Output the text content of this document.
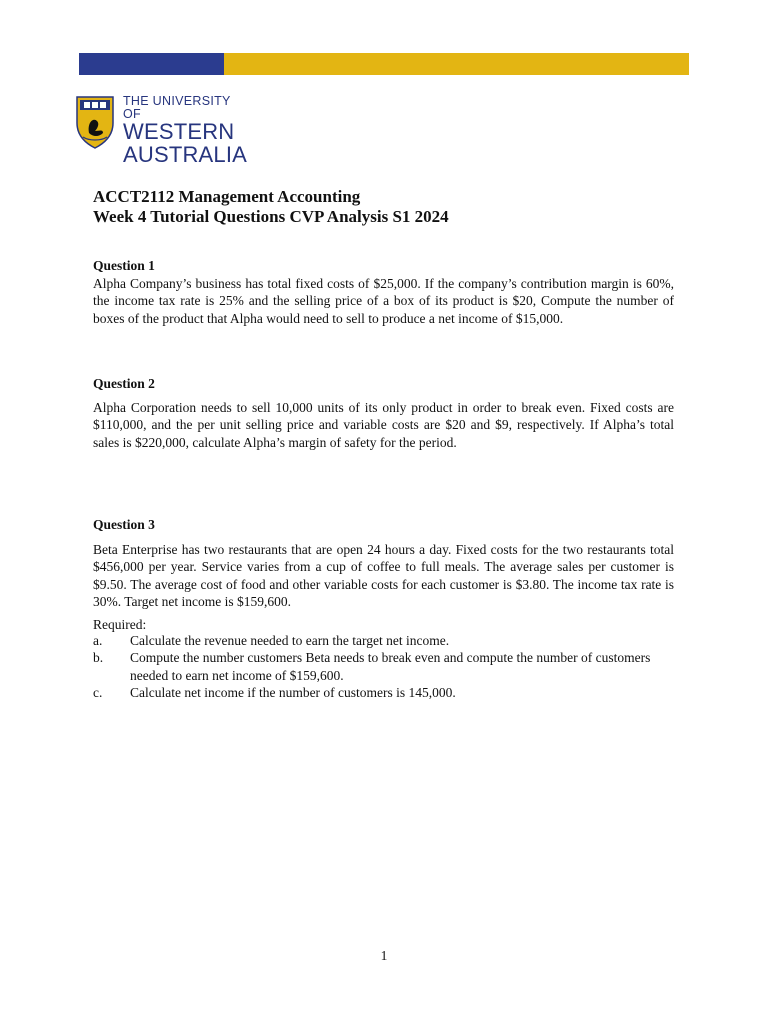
THE UNIVERSITY OF
WESTERN
AUSTRALIA
ACCT2112 Management Accounting
Week 4 Tutorial Questions CVP Analysis S1 2024
Question 1
Alpha Company’s business has total fixed costs of $25,000. If the company’s contribution margin is 60%, the income tax rate is 25% and the selling price of a box of its product is $20, Compute the number of boxes of the product that Alpha would need to sell to produce a net income of $15,000.
Question 2
Alpha Corporation needs to sell 10,000 units of its only product in order to break even. Fixed costs are $110,000, and the per unit selling price and variable costs are $20 and $9, respectively. If Alpha’s total sales is $220,000, calculate Alpha’s margin of safety for the period.
Question 3
Beta Enterprise has two restaurants that are open 24 hours a day. Fixed costs for the two restaurants total $456,000 per year. Service varies from a cup of coffee to full meals. The average sales per customer is $9.50. The average cost of food and other variable costs for each customer is $3.80. The income tax rate is 30%. Target net income is $159,600.
Required:
a.	Calculate the revenue needed to earn the target net income.
b.	Compute the number customers Beta needs to break even and compute the number of customers needed to earn net income of $159,600.
c.	Calculate net income if the number of customers is 145,000.
1
